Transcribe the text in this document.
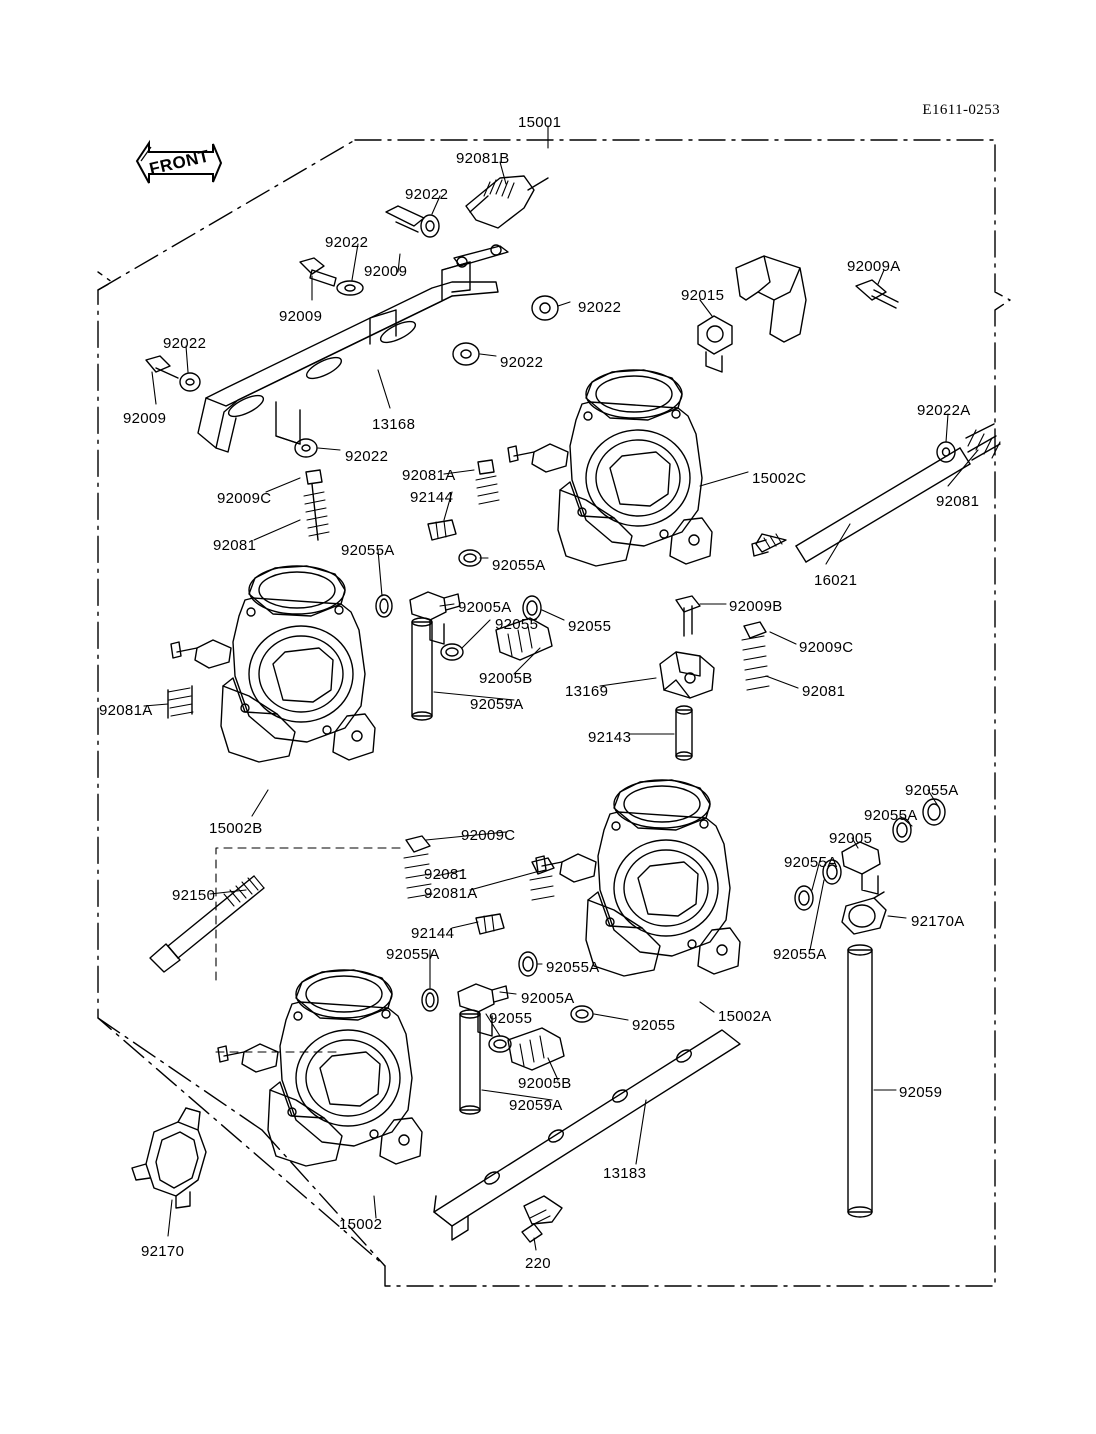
E1611-0253
FRONT
15001
92081B
92022
92022
92009
92009
92022
92015
92009A
92022
92022
92009	13168
92022
92022A
15002C
92081
92009C
92081A
92144
92081	92055A
92055A
16021
92005A
92055 92055
92009B
92009C
92005B
13169	92081
92059A
92081A
92143
15002B
92055A
92055A
92005
92055A
92009C
92081
92081A
92150
92170A
92144
92055A	92055A
92055A
92005A
15002A
92055	92055
92005B
92059A
92059
13183
15002
92170
220
